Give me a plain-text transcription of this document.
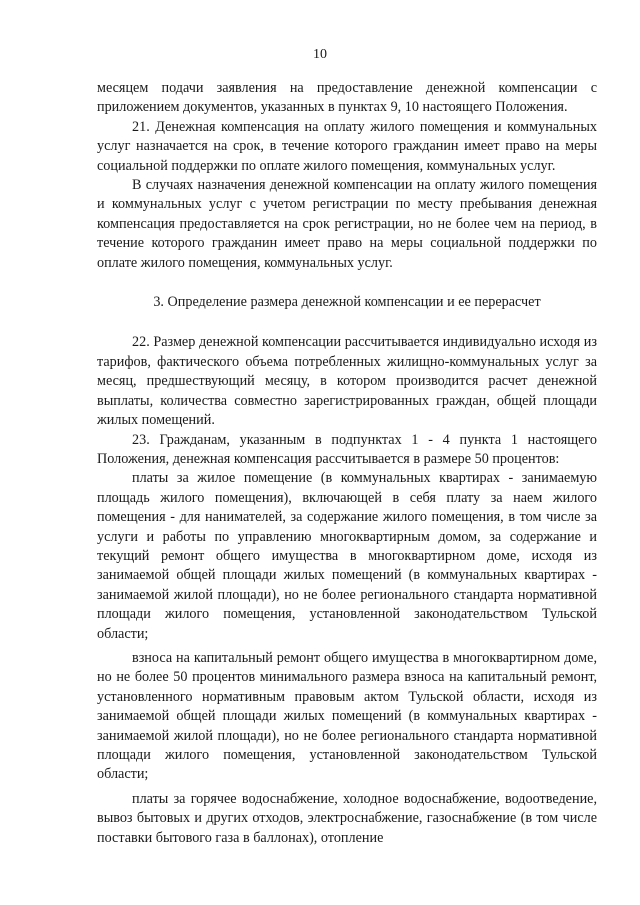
10

месяцем подачи заявления на предоставление денежной компенсации с приложением документов, указанных в пунктах 9, 10 настоящего Положения.

21. Денежная компенсация на оплату жилого помещения и коммунальных услуг назначается на срок, в течение которого гражданин имеет право на меры социальной поддержки по оплате жилого помещения, коммунальных услуг.

В случаях назначения денежной компенсации на оплату жилого помещения и коммунальных услуг с учетом регистрации по месту пребывания денежная компенсация предоставляется на срок регистрации, но не более чем на период, в течение которого гражданин имеет право на меры социальной поддержки по оплате жилого помещения, коммунальных услуг.

3. Определение размера денежной компенсации и ее перерасчет

22. Размер денежной компенсации рассчитывается индивидуально исходя из тарифов, фактического объема потребленных жилищно-коммунальных услуг за месяц, предшествующий месяцу, в котором производится расчет денежной выплаты, количества совместно зарегистрированных граждан, общей площади жилых помещений.

23. Гражданам, указанным в подпунктах 1 - 4 пункта 1 настоящего Положения, денежная компенсация рассчитывается в размере 50 процентов:

платы за жилое помещение (в коммунальных квартирах - занимаемую площадь жилого помещения), включающей в себя плату за наем жилого помещения - для нанимателей, за содержание жилого помещения, в том числе за услуги и работы по управлению многоквартирным домом, за содержание и текущий ремонт общего имущества в многоквартирном доме, исходя из занимаемой общей площади жилых помещений (в коммунальных квартирах - занимаемой жилой площади), но не более регионального стандарта нормативной площади жилого помещения, установленной законодательством Тульской области;

взноса на капитальный ремонт общего имущества в многоквартирном доме, но не более 50 процентов минимального размера взноса на капитальный ремонт, установленного нормативным правовым актом Тульской области, исходя из занимаемой общей площади жилых помещений (в коммунальных квартирах - занимаемой жилой площади), но не более регионального стандарта нормативной площади жилого помещения, установленной законодательством Тульской области;

платы за горячее водоснабжение, холодное водоснабжение, водоотведение, вывоз бытовых и других отходов, электроснабжение, газоснабжение (в том числе поставки бытового газа в баллонах), отопление
